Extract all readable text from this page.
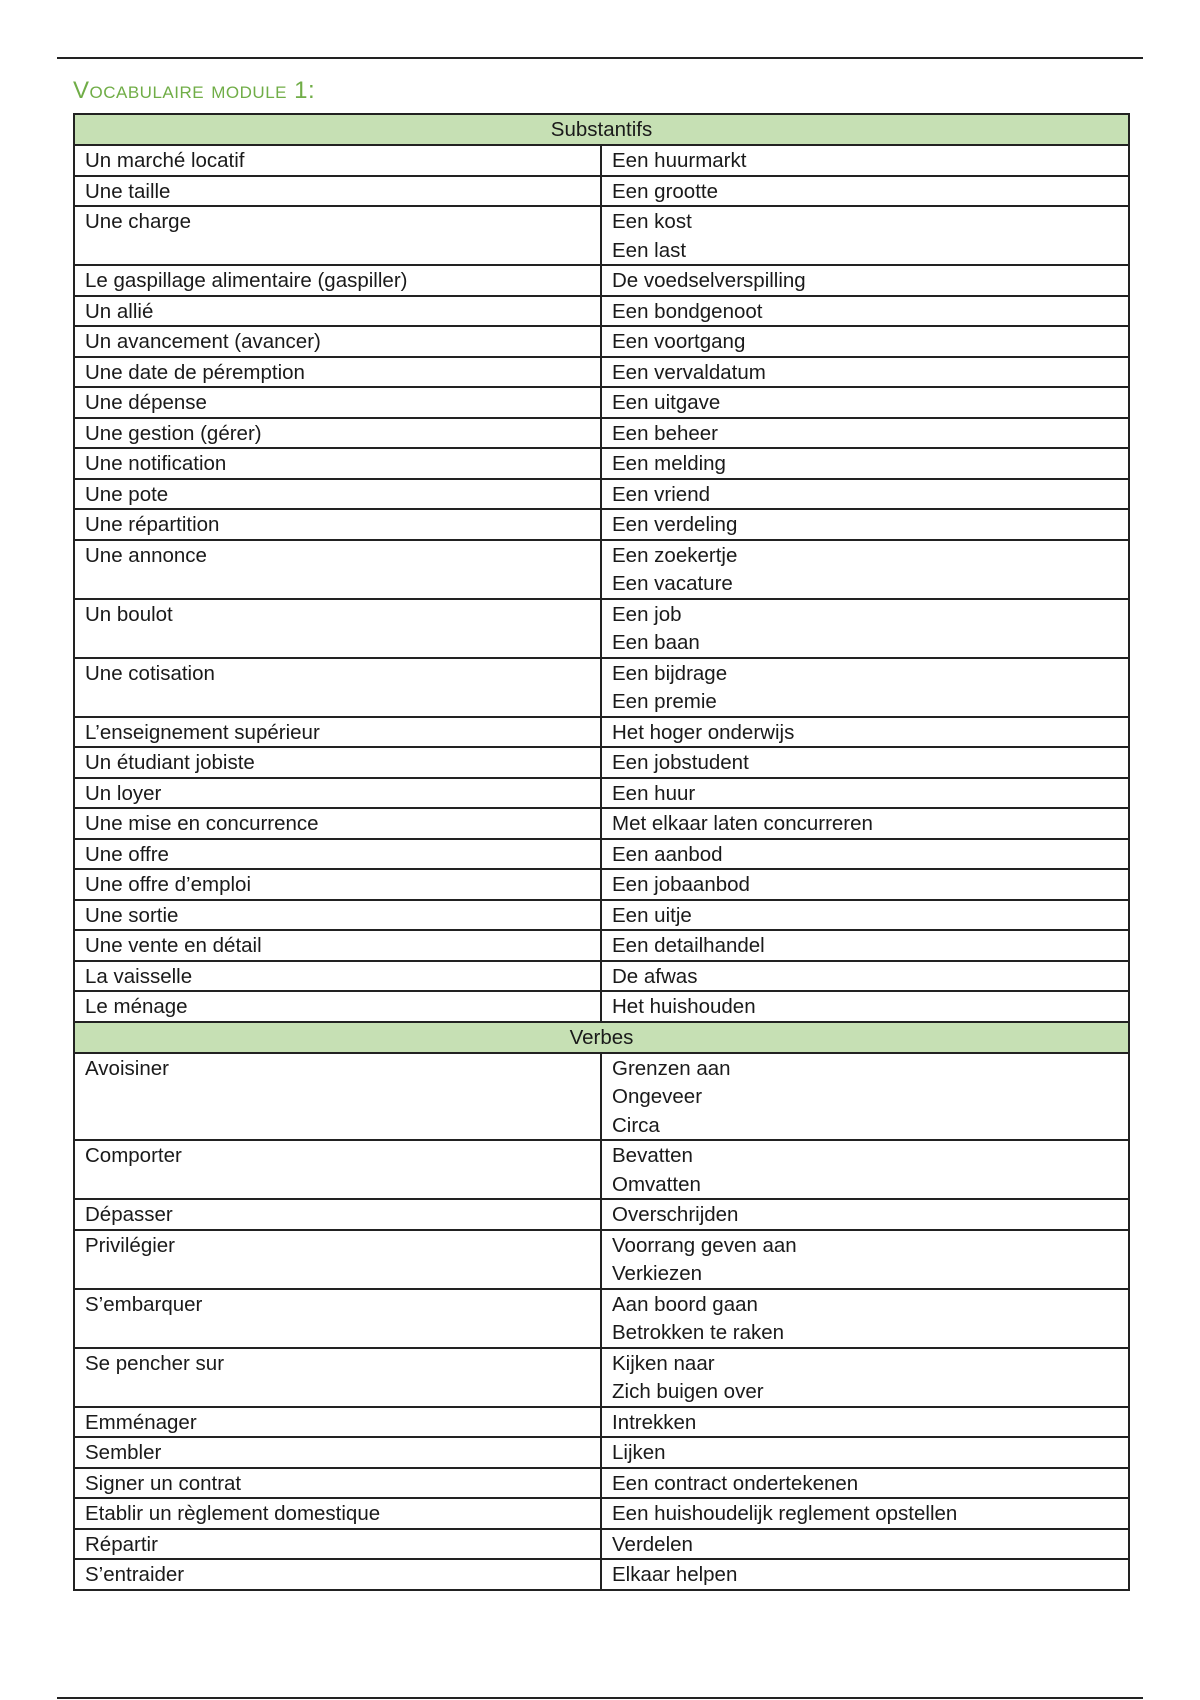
Vocabulaire module 1:
Substantifs	

Un marché locatif	Een huurmarkt

Une taille	Een grootte

Une charge	Een kost
Een last

Le gaspillage alimentaire (gaspiller)	De voedselverspilling

Un allié	Een bondgenoot

Un avancement (avancer)	Een voortgang

Une date de péremption	Een vervaldatum

Une dépense	Een uitgave

Une gestion (gérer)	Een beheer

Une notification	Een melding

Une pote	Een vriend

Une répartition	Een verdeling

Une annonce	Een zoekertje
Een vacature

Un boulot	Een job
Een baan

Une cotisation	Een bijdrage
Een premie

L’enseignement supérieur	Het hoger onderwijs

Un étudiant jobiste	Een jobstudent

Un loyer	Een huur

Une mise en concurrence	Met elkaar laten concurreren

Une offre	Een aanbod

Une offre d’emploi	Een jobaanbod

Une sortie	Een uitje

Une vente en détail	Een detailhandel

La vaisselle	De afwas

Le ménage	Het huishouden

Verbes	

Avoisiner	Grenzen aan
Ongeveer
Circa

Comporter	Bevatten
Omvatten

Dépasser	Overschrijden

Privilégier	Voorrang geven aan
Verkiezen

S’embarquer	Aan boord gaan
Betrokken te raken

Se pencher sur	Kijken naar
Zich buigen over

Emménager	Intrekken

Sembler	Lijken

Signer un contrat	Een contract ondertekenen

Etablir un règlement domestique	Een huishoudelijk reglement opstellen

Répartir	Verdelen

S’entraider	Elkaar helpen
